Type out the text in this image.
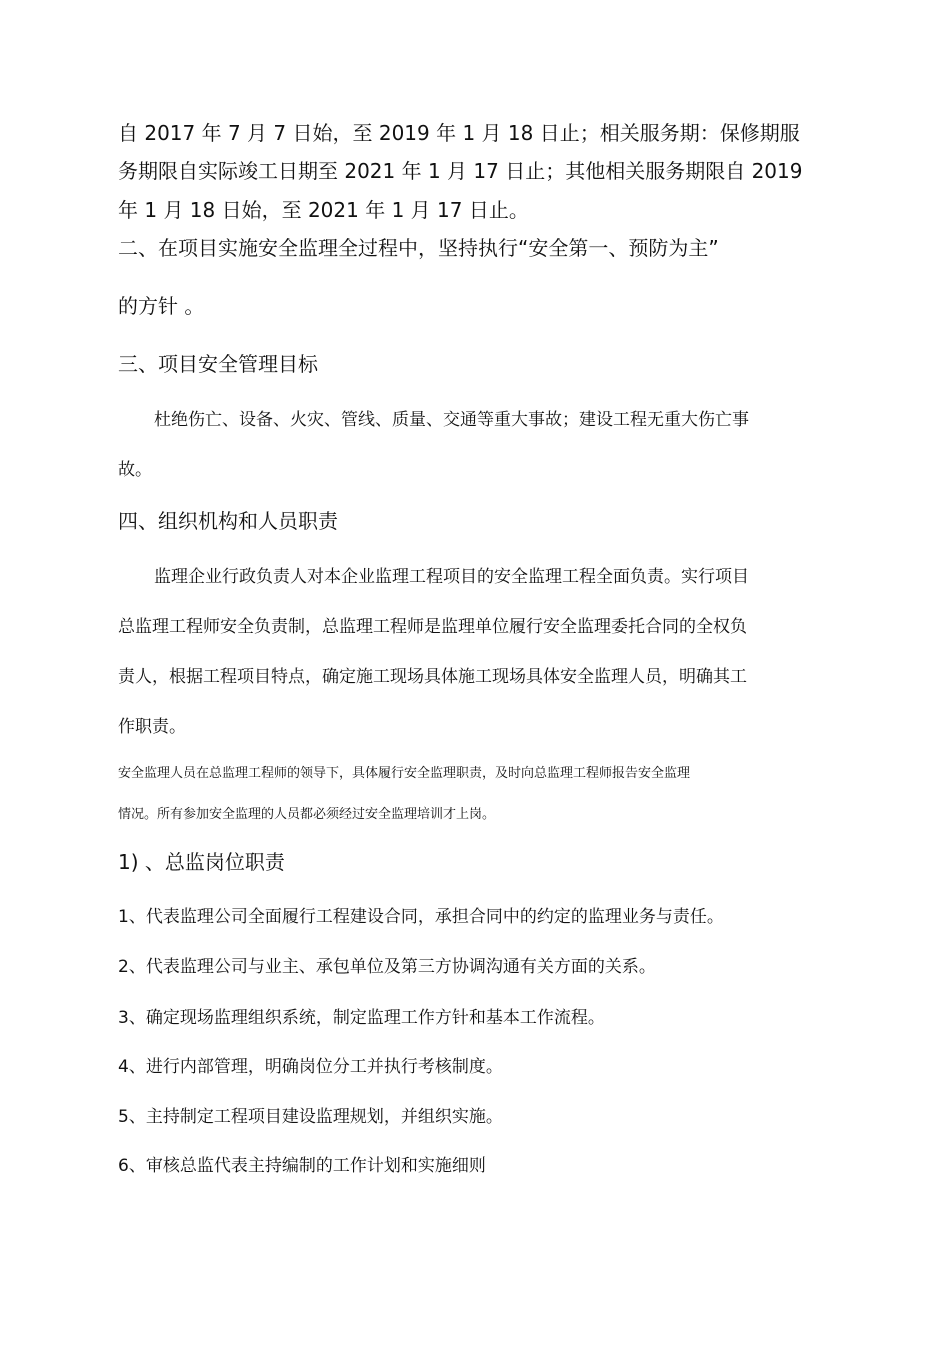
自 2017 年 7 月 7 日始，至 2019 年 1 月 18 日止；相关服务期：保修期服
务期限自实际竣工日期至 2021 年 1 月 17 日止；其他相关服务期限自 2019
年 1 月 18 日始，至 2021 年 1 月 17 日止。
二、在项目实施安全监理全过程中，坚持执行“安全第一、预防为主”
的方针 。
三、项目安全管理目标
杜绝伤亡、设备、火灾、管线、质量、交通等重大事故；建设工程无重大伤亡事
故。
四、组织机构和人员职责
监理企业行政负责人对本企业监理工程项目的安全监理工程全面负责。实行项目
总监理工程师安全负责制，总监理工程师是监理单位履行安全监理委托合同的全权负
责人，根据工程项目特点，确定施工现场具体施工现场具体安全监理人员，明确其工
作职责。
安全监理人员在总监理工程师的领导下，具体履行安全监理职责，及时向总监理工程师报告安全监理
情况。所有参加安全监理的人员都必须经过安全监理培训才上岗。
1) 、总监岗位职责
1、代表监理公司全面履行工程建设合同，承担合同中的约定的监理业务与责任。
2、代表监理公司与业主、承包单位及第三方协调沟通有关方面的关系。
3、确定现场监理组织系统，制定监理工作方针和基本工作流程。
4、进行内部管理，明确岗位分工并执行考核制度。
5、主持制定工程项目建设监理规划，并组织实施。
6、审核总监代表主持编制的工作计划和实施细则
